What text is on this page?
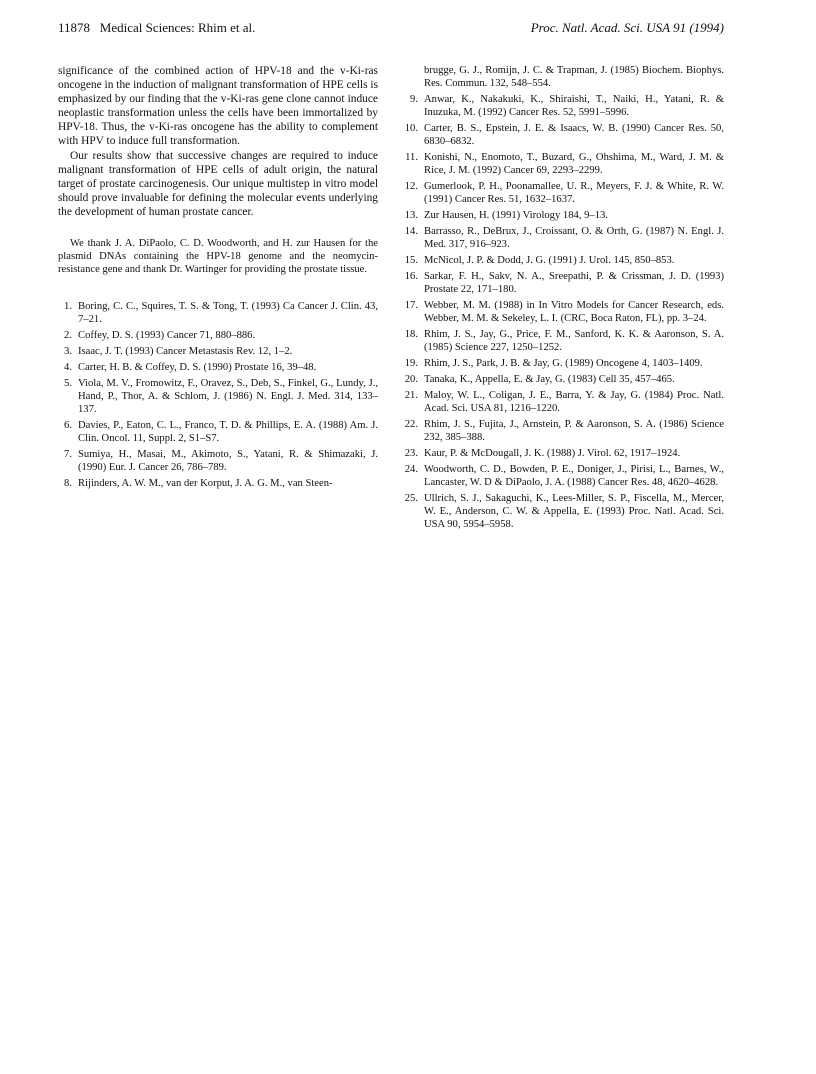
11878 Medical Sciences: Rhim et al.	Proc. Natl. Acad. Sci. USA 91 (1994)

significance of the combined action of HPV-18 and the v-Ki-ras oncogene in the induction of malignant transformation of HPE cells is emphasized by our finding that the v-Ki-ras gene clone cannot induce neoplastic transformation unless the cells have been immortalized by HPV-18. Thus, the v-Ki-ras oncogene has the ability to complement with HPV to induce full transformation.

Our results show that successive changes are required to induce malignant transformation of HPE cells of adult origin, the natural target of prostate carcinogenesis. Our unique multistep in vitro model should prove invaluable for defining the molecular events underlying the development of human prostate cancer.

We thank J. A. DiPaolo, C. D. Woodworth, and H. zur Hausen for the plasmid DNAs containing the HPV-18 genome and the neomycin-resistance gene and thank Dr. Wartinger for providing the prostate tissue.

1. Boring, C. C., Squires, T. S. & Tong, T. (1993) Ca Cancer J. Clin. 43, 7–21.
2. Coffey, D. S. (1993) Cancer 71, 880–886.
3. Isaac, J. T. (1993) Cancer Metastasis Rev. 12, 1–2.
4. Carter, H. B. & Coffey, D. S. (1990) Prostate 16, 39–48.
5. Viola, M. V., Fromowitz, F., Oravez, S., Deb, S., Finkel, G., Lundy, J., Hand, P., Thor, A. & Schlom, J. (1986) N. Engl. J. Med. 314, 133–137.
6. Davies, P., Eaton, C. L., Franco, T. D. & Phillips, E. A. (1988) Am. J. Clin. Oncol. 11, Suppl. 2, S1–S7.
7. Sumiya, H., Masai, M., Akimoto, S., Yatani, R. & Shimazaki, J. (1990) Eur. J. Cancer 26, 786–789.
8. Rijinders, A. W. M., van der Korput, J. A. G. M., van Steen-
brugge, G. J., Romijn, J. C. & Trapman, J. (1985) Biochem. Biophys. Res. Commun. 132, 548–554.
9. Anwar, K., Nakakuki, K., Shiraishi, T., Naiki, H., Yatani, R. & Inuzuka, M. (1992) Cancer Res. 52, 5991–5996.
10. Carter, B. S., Epstein, J. E. & Isaacs, W. B. (1990) Cancer Res. 50, 6830–6832.
11. Konishi, N., Enomoto, T., Buzard, G., Ohshima, M., Ward, J. M. & Rice, J. M. (1992) Cancer 69, 2293–2299.
12. Gumerlook, P. H., Poonamallee, U. R., Meyers, F. J. & White, R. W. (1991) Cancer Res. 51, 1632–1637.
13. Zur Hausen, H. (1991) Virology 184, 9–13.
14. Barrasso, R., DeBrux, J., Croissant, O. & Orth, G. (1987) N. Engl. J. Med. 317, 916–923.
15. McNicol, J. P. & Dodd, J. G. (1991) J. Urol. 145, 850–853.
16. Sarkar, F. H., Sakv, N. A., Sreepathi, P. & Crissman, J. D. (1993) Prostate 22, 171–180.
17. Webber, M. M. (1988) in In Vitro Models for Cancer Research, eds. Webber, M. M. & Sekeley, L. I. (CRC, Boca Raton, FL), pp. 3–24.
18. Rhim, J. S., Jay, G., Price, F. M., Sanford, K. K. & Aaronson, S. A. (1985) Science 227, 1250–1252.
19. Rhim, J. S., Park, J. B. & Jay, G. (1989) Oncogene 4, 1403–1409.
20. Tanaka, K., Appella, E. & Jay, G. (1983) Cell 35, 457–465.
21. Maloy, W. L., Coligan, J. E., Barra, Y. & Jay, G. (1984) Proc. Natl. Acad. Sci. USA 81, 1216–1220.
22. Rhim, J. S., Fujita, J., Arnstein, P. & Aaronson, S. A. (1986) Science 232, 385–388.
23. Kaur, P. & McDougall, J. K. (1988) J. Virol. 62, 1917–1924.
24. Woodworth, C. D., Bowden, P. E., Doniger, J., Pirisi, L., Barnes, W., Lancaster, W. D & DiPaolo, J. A. (1988) Cancer Res. 48, 4620–4628.
25. Ullrich, S. J., Sakaguchi, K., Lees-Miller, S. P., Fiscella, M., Mercer, W. E., Anderson, C. W. & Appella, E. (1993) Proc. Natl. Acad. Sci. USA 90, 5954–5958.
